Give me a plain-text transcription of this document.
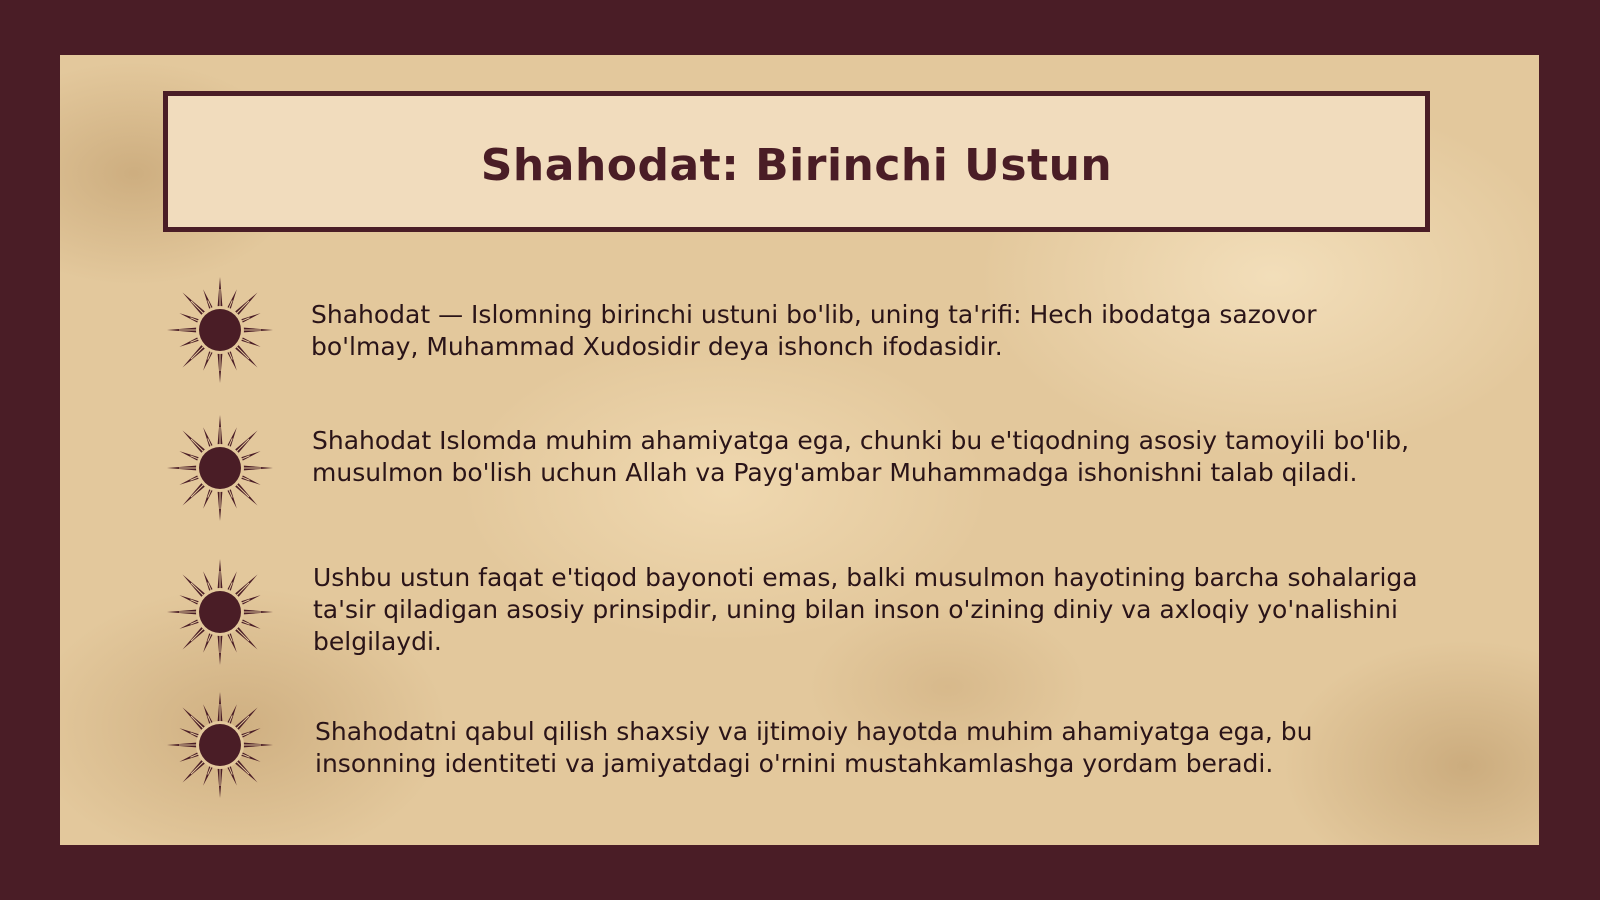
Shahodat: Birinchi Ustun
Shahodat — Islomning birinchi ustuni bo'lib, uning ta'rifi: Hech ibodatga sazovor bo'lmay, Muhammad Xudosidir deya ishonch ifodasidir.
Shahodat Islomda muhim ahamiyatga ega, chunki bu e'tiqodning asosiy tamoyili bo'lib, musulmon bo'lish uchun Allah va Payg'ambar Muhammadga ishonishni talab qiladi.
Ushbu ustun faqat e'tiqod bayonoti emas, balki musulmon hayotining barcha sohalariga ta'sir qiladigan asosiy prinsipdir, uning bilan inson o'zining diniy va axloqiy yo'nalishini belgilaydi.
Shahodatni qabul qilish shaxsiy va ijtimoiy hayotda muhim ahamiyatga ega, bu insonning identiteti va jamiyatdagi o'rnini mustahkamlashga yordam beradi.
